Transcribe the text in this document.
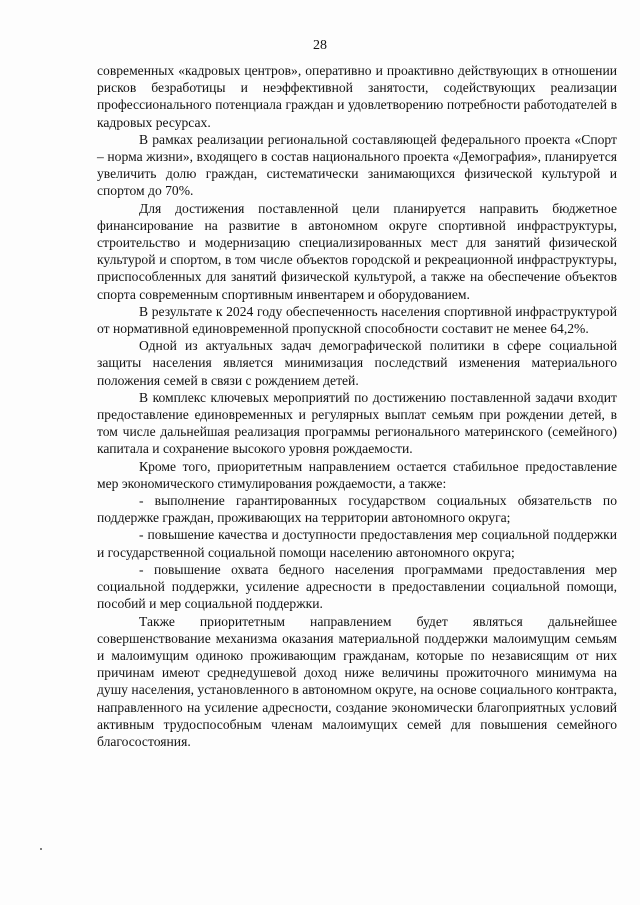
28

современных «кадровых центров», оперативно и проактивно действующих в отношении рисков безработицы и неэффективной занятости, содействующих реализации профессионального потенциала граждан и удовлетворению потребности работодателей в кадровых ресурсах.

В рамках реализации региональной составляющей федерального проекта «Спорт – норма жизни», входящего в состав национального проекта «Демография», планируется увеличить долю граждан, систематически занимающихся физической культурой и спортом до 70%.

Для достижения поставленной цели планируется направить бюджетное финансирование на развитие в автономном округе спортивной инфраструктуры, строительство и модернизацию специализированных мест для занятий физической культурой и спортом, в том числе объектов городской и рекреационной инфраструктуры, приспособленных для занятий физической культурой, а также на обеспечение объектов спорта современным спортивным инвентарем и оборудованием.

В результате к 2024 году обеспеченность населения спортивной инфраструктурой от нормативной единовременной пропускной способности составит не менее 64,2%.

Одной из актуальных задач демографической политики в сфере социальной защиты населения является минимизация последствий изменения материального положения семей в связи с рождением детей.

В комплекс ключевых мероприятий по достижению поставленной задачи входит предоставление единовременных и регулярных выплат семьям при рождении детей, в том числе дальнейшая реализация программы регионального материнского (семейного) капитала и сохранение высокого уровня рождаемости.

Кроме того, приоритетным направлением остается стабильное предоставление мер экономического стимулирования рождаемости, а также:

- выполнение гарантированных государством социальных обязательств по поддержке граждан, проживающих на территории автономного округа;

- повышение качества и доступности предоставления мер социальной поддержки и государственной социальной помощи населению автономного округа;

- повышение охвата бедного населения программами предоставления мер социальной поддержки, усиление адресности в предоставлении социальной помощи, пособий и мер социальной поддержки.

Также приоритетным направлением будет являться дальнейшее совершенствование механизма оказания материальной поддержки малоимущим семьям и малоимущим одиноко проживающим гражданам, которые по независящим от них причинам имеют среднедушевой доход ниже величины прожиточного минимума на душу населения, установленного в автономном округе, на основе социального контракта, направленного на усиление адресности, создание экономически благоприятных условий активным трудоспособным членам малоимущих семей для повышения семейного благосостояния.
